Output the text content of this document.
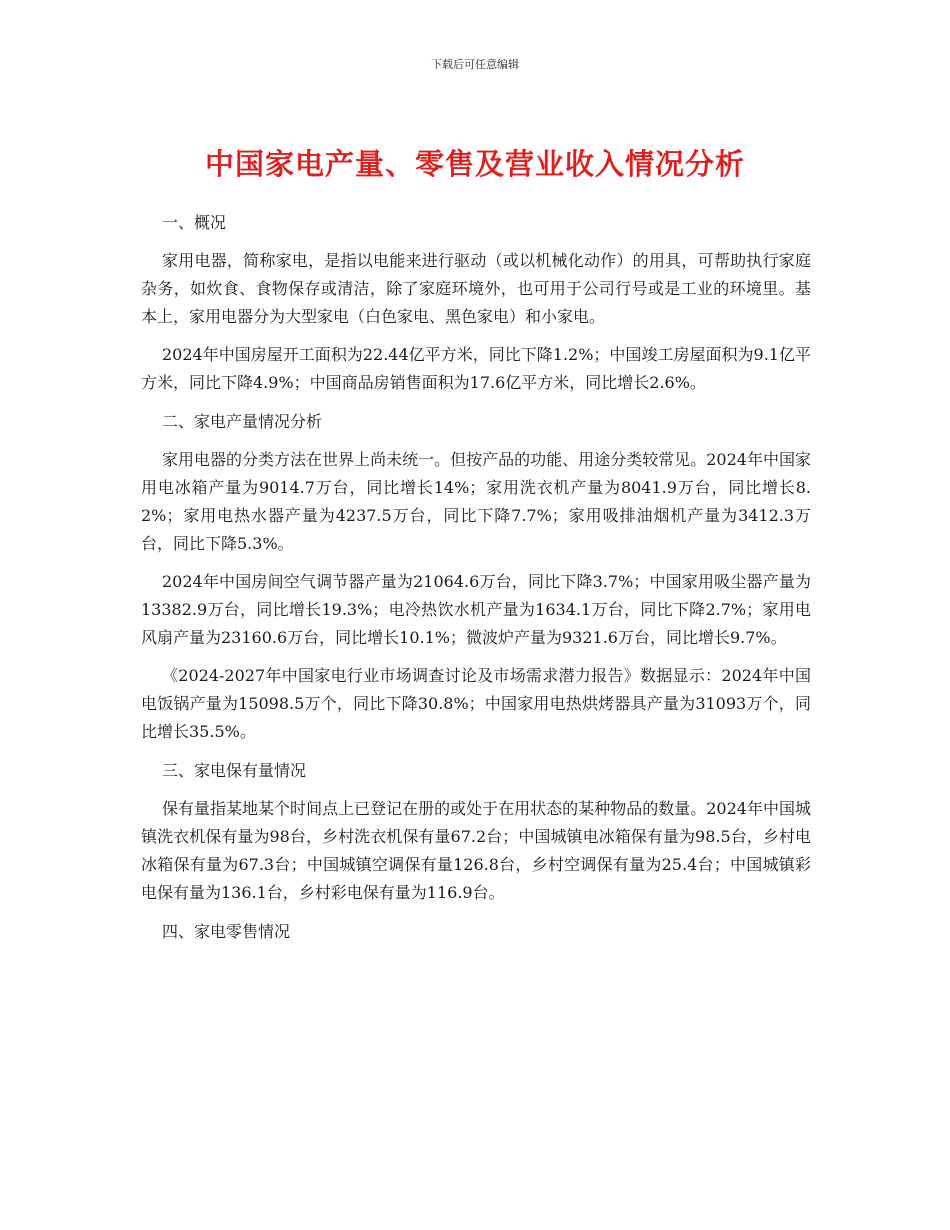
下载后可任意编辑
中国家电产量、零售及营业收入情况分析
一、概况

家用电器，简称家电，是指以电能来进行驱动（或以机械化动作）的用具，可帮助执行家庭杂务，如炊食、食物保存或清洁，除了家庭环境外，也可用于公司行号或是工业的环境里。基本上，家用电器分为大型家电（白色家电、黑色家电）和小家电。

2024年中国房屋开工面积为22.44亿平方米，同比下降1.2%；中国竣工房屋面积为9.1亿平方米，同比下降4.9%；中国商品房销售面积为17.6亿平方米，同比增长2.6%。

二、家电产量情况分析

家用电器的分类方法在世界上尚未统一。但按产品的功能、用途分类较常见。2024年中国家用电冰箱产量为9014.7万台，同比增长14%；家用洗衣机产量为8041.9万台，同比增长8.2%；家用电热水器产量为4237.5万台，同比下降7.7%；家用吸排油烟机产量为3412.3万台，同比下降5.3%。

2024年中国房间空气调节器产量为21064.6万台，同比下降3.7%；中国家用吸尘器产量为13382.9万台，同比增长19.3%；电冷热饮水机产量为1634.1万台，同比下降2.7%；家用电风扇产量为23160.6万台，同比增长10.1%；微波炉产量为9321.6万台，同比增长9.7%。

《2024-2027年中国家电行业市场调查讨论及市场需求潜力报告》数据显示：2024年中国电饭锅产量为15098.5万个，同比下降30.8%；中国家用电热烘烤器具产量为31093万个，同比增长35.5%。

三、家电保有量情况

保有量指某地某个时间点上已登记在册的或处于在用状态的某种物品的数量。2024年中国城镇洗衣机保有量为98台，乡村洗衣机保有量67.2台；中国城镇电冰箱保有量为98.5台，乡村电冰箱保有量为67.3台；中国城镇空调保有量126.8台，乡村空调保有量为25.4台；中国城镇彩电保有量为136.1台，乡村彩电保有量为116.9台。

四、家电零售情况
